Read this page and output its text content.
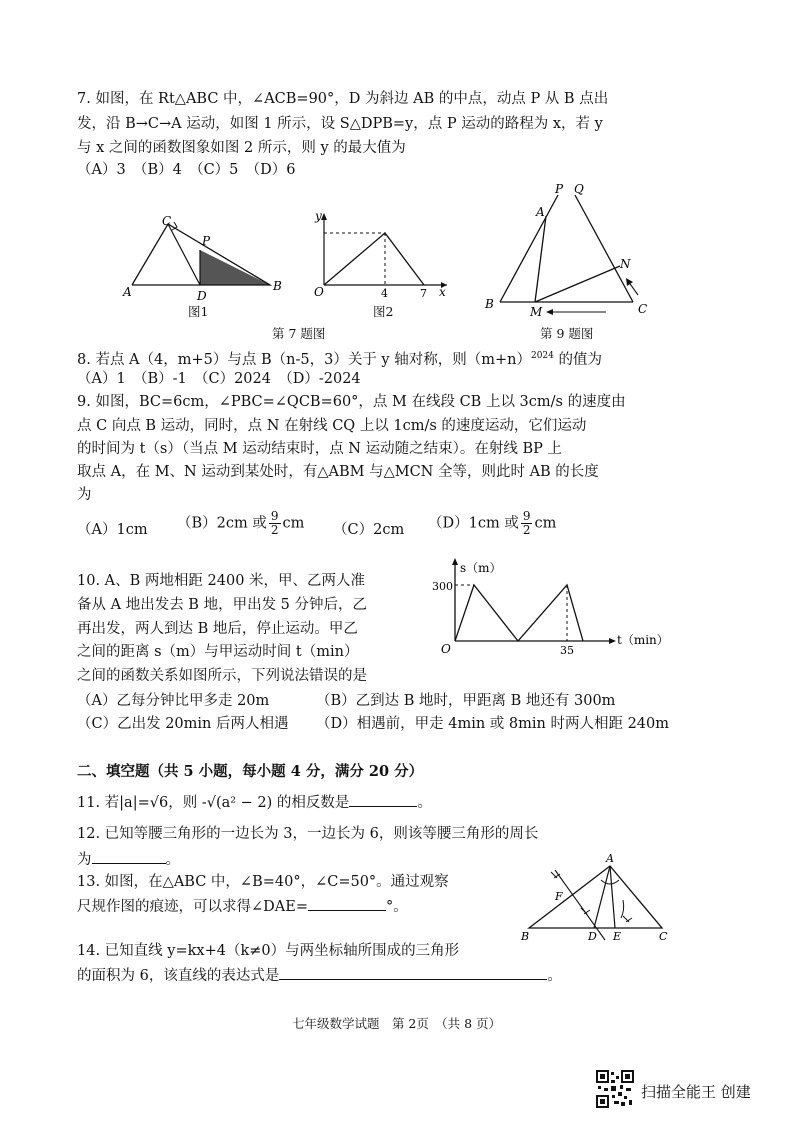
7. 如图，在 Rt△ABC 中，∠ACB=90°，D 为斜边 AB 的中点，动点 P 从 B 点出
发，沿 B→C→A 运动，如图 1 所示，设 S△DPB=y，点 P 运动的路程为 x，若 y
与 x 之间的函数图象如图 2 所示，则 y 的最大值为
（A）3　（B）4　（C）5　（D）6
C
P
A	D
B
图1
y
x
O	4	7
图2
第 7 题图
P Q
A
N
B
M	C
第 9 题图
8. 若点 A（4，m+5）与点 B（n-5，3）关于 y 轴对称，则$(m+n)^{2024}$ 的值为
（A）1　（B）-1　（C）2024　（D）-2024
9. 如图，BC=6cm，∠PBC=∠QCB=60°，点 M 在线段 CB 上以 3cm/s 的速度由
点 C 向点 B 运动，同时，点 N 在射线 CQ 上以 1cm/s 的速度运动，它们运动
的时间为 t（s）（当点 M 运动结束时，点 N 运动随之结束）。在射线 BP 上
取点 A，在 M、N 运动到某处时，有△ABM 与△MCN 全等，则此时 AB 的长度
为
（A）1cm （B）2cm 或 $\frac{9}{2}$ cm （C）2cm （D）1cm 或 $\frac{9}{2}$ cm
10. A、B 两地相距 2400 米，甲、乙两人准
备从 A 地出发去 B 地，甲出发 5 分钟后，乙
再出发，两人到达 B 地后，停止运动。甲乙
之间的距离 s（m）与甲运动时间 t（min）
之间的函数关系如图所示，下列说法错误的是
（A）乙每分钟比甲多走 20m	（B）乙到达 B 地时，甲距离 B 地还有 300m
（C）乙出发 20min 后两人相遇 （D）相遇前，甲走 4min 或 8min 时两人相距 240m
s（m）
t（min）
O
300
35
二、填空题（共 5 小题，每小题 4 分，满分 20 分）
11. 若|a|=√6，则 -√(a² − 2) 的相反数是	。
12. 已知等腰三角形的一边长为 3，一边长为 6，则该等腰三角形的周长
为	。
13. 如图，在△ABC 中，∠B=40°，∠C=50°。通过观察
尺规作图的痕迹，可以求得∠DAE=	°。
A
F
B	D E	C
14. 已知直线 y=kx+4（k≠0）与两坐标轴所围成的三角形
的面积为 6，该直线的表达式是	。
七年级数学试题　第 2页　（共 8 页）
扫描全能王 创建
